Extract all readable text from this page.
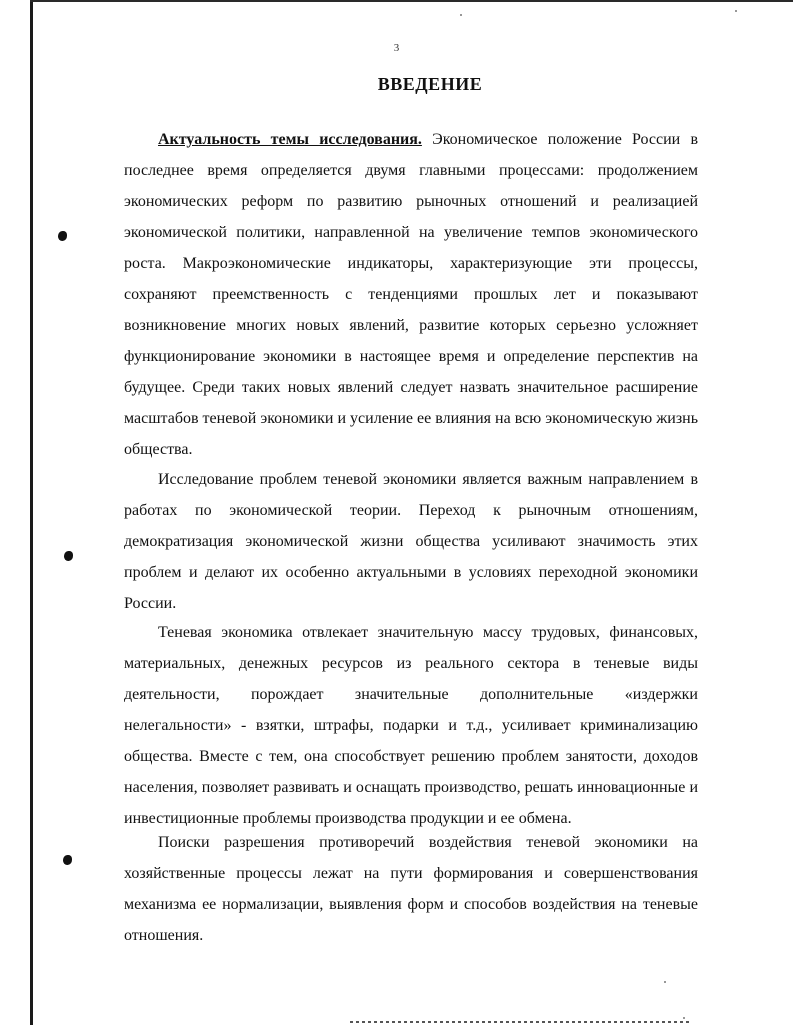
3
ВВЕДЕНИЕ

Актуальность темы исследования. Экономическое положение России в последнее время определяется двумя главными процессами: продолжением экономических реформ по развитию рыночных отношений и реализацией экономической политики, направленной на увеличение темпов экономического роста. Макроэкономические индикаторы, характеризующие эти процессы, сохраняют преемственность с тенденциями прошлых лет и показывают возникновение многих новых явлений, развитие которых серьезно усложняет функционирование экономики в настоящее время и определение перспектив на будущее. Среди таких новых явлений следует назвать значительное расширение масштабов теневой экономики и усиление ее влияния на всю экономическую жизнь общества.

Исследование проблем теневой экономики является важным направлением в работах по экономической теории. Переход к рыночным отношениям, демократизация экономической жизни общества усиливают значимость этих проблем и делают их особенно актуальными в условиях переходной экономики России.

Теневая экономика отвлекает значительную массу трудовых, финансовых, материальных, денежных ресурсов из реального сектора в теневые виды деятельности, порождает значительные дополнительные «издержки нелегальности» - взятки, штрафы, подарки и т.д., усиливает криминализацию общества. Вместе с тем, она способствует решению проблем занятости, доходов населения, позволяет развивать и оснащать производство, решать инновационные и инвестиционные проблемы производства продукции и ее обмена.

Поиски разрешения противоречий воздействия теневой экономики на хозяйственные процессы лежат на пути формирования и совершенствования механизма ее нормализации, выявления форм и способов воздействия на теневые отношения.
